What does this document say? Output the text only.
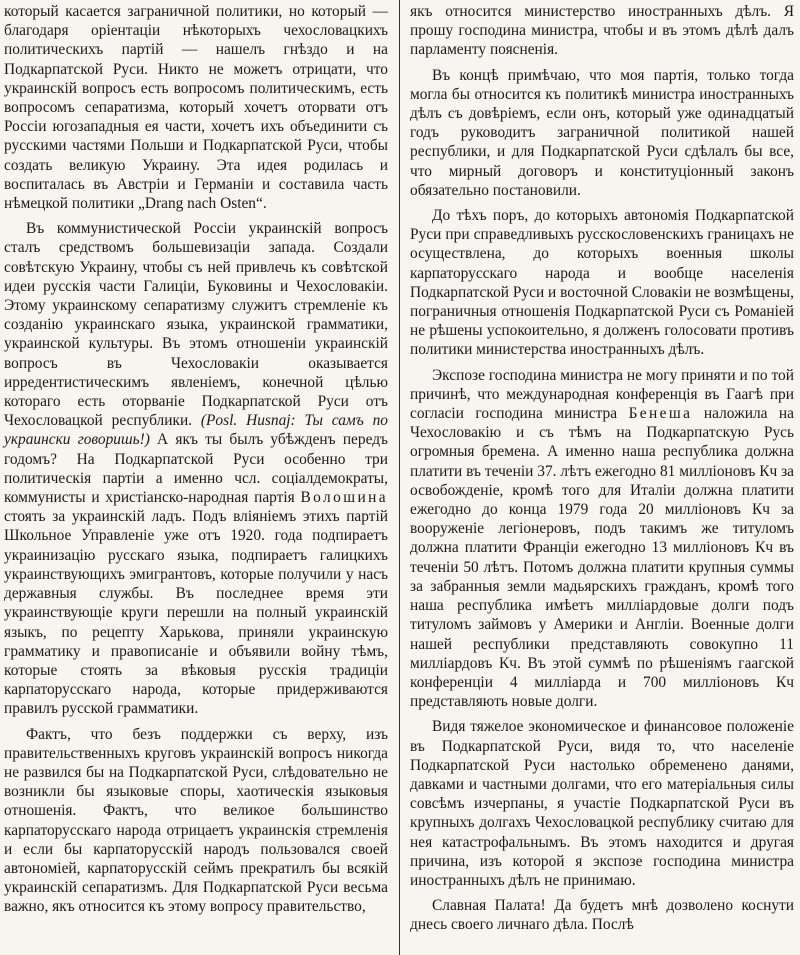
который касается заграничной политики, но который — благодаря оріентаціи нѣкоторыхъ чехословацкихъ политическихъ партій — нашелъ гнѣздо и на Подкарпатской Руси. Никто не можетъ отрицати, что украинскій вопросъ есть вопросомъ политическимъ, есть вопросомъ сепаратизма, который хочетъ оторвати отъ Россіи югозападныя ея части, хочетъ ихъ объединити съ русскими частями Польши и Подкарпатской Руси, чтобы создать великую Украину. Эта идея родилась и воспиталась въ Австріи и Германіи и составила часть нѣмецкой политики „Drang nach Osten“.

Въ коммунистической Россіи украинскій вопросъ сталъ средствомъ большевизаціи запада. Создали совѣтскую Украину, чтобы съ ней привлечь къ совѣтской идеи русскія части Галиціи, Буковины и Чехословакіи. Этому украинскому сепаратизму служитъ стремленіе къ созданію украинскаго языка, украинской грамматики, украинской культуры. Въ этомъ отношеніи украинскій вопросъ въ Чехословакіи оказывается ирредентистическимъ явленіемъ, конечной цѣлью котораго есть оторваніе Подкарпатской Руси отъ Чехословацкой республики. (Posl. Husnaj: Ты самъ по украински говоришь!) А якъ ты былъ убѣжденъ передъ годомъ? На Подкарпатской Руси особенно три политическія партіи а именно чсл. соціалдемократы, коммунисты и христіанско-народная партія Волошина стоять за украинскій ладъ. Подъ вліяніемъ этихъ партій Школьное Управленіе уже отъ 1920. года подпираетъ украинизацію русскаго языка, подпираетъ галицкихъ украинствующихъ эмигрантовъ, которые получили у насъ державныя службы. Въ последнее время эти украинствующіе круги перешли на полный украинскій языкъ, по рецепту Харькова, приняли украинскую грамматику и правописаніе и объявили войну тѣмъ, которые стоять за вѣковыя русскія традиціи карпаторусскаго народа, которые придерживаются правилъ русской грамматики.

Фактъ, что безъ поддержки съ верху, изъ правительственныхъ круговъ украинскій вопросъ никогда не развился бы на Подкарпатской Руси, слѣдовательно не возникли бы языковые споры, хаотическія языковыя отношенія. Фактъ, что великое большинство карпаторусскаго народа отрицаетъ украинскія стремленія и если бы карпаторусскій народъ пользовался своей автономіей, карпаторусскій сеймъ прекратилъ бы всякій украинскій сепаратизмъ. Для Подкарпатской Руси весьма важно, якъ относится къ этому вопросу правительство,

якъ относится министерство иностранныхъ дѣлъ. Я прошу господина министра, чтобы и въ этомъ дѣлѣ далъ парламенту поясненія.

Въ концѣ примѣчаю, что моя партія, только тогда могла бы относится къ политикѣ министра иностранныхъ дѣлъ съ довѣріемъ, если онъ, который уже одинадцатый годъ руководитъ заграничной политикой нашей республики, и для Подкарпатской Руси сдѣлалъ бы все, что мирный договоръ и конституціонный законъ обязательно постановили.

До тѣхъ поръ, до которыхъ автономія Подкарпатской Руси при справедливыхъ русскословенскихъ границахъ не осуществлена, до которыхъ военныя школы карпаторусскаго народа и вообще населенія Подкарпатской Руси и восточной Словакіи не возмѣщены, пограничныя отношенія Подкарпатской Руси съ Романіей не рѣшены успокоительно, я долженъ голосовати противъ политики министерства иностранныхъ дѣлъ.

Экспозе господина министра не могу приняти и по той причинѣ, что международная конференція въ Гаагѣ при согласіи господина министра Бенеша наложила на Чехословакію и съ тѣмъ на Подкарпатскую Русь огромныя бремена. А именно наша республика должна платити въ теченіи 37. лѣтъ ежегодно 81 милліоновъ Кч за освобожденіе, кромѣ того для Италіи должна платити ежегодно до конца 1979 года 20 милліоновъ Кч за вооруженіе легіонеровъ, подъ такимъ же титуломъ должна платити Франціи ежегодно 13 милліоновъ Кч въ теченіи 50 лѣтъ. Потомъ должна платити крупныя суммы за забранныя земли мадьярскихъ гражданъ, кромѣ того наша республика имѣетъ миллiардовые долги подъ титуломъ займовъ у Америки и Англіи. Военные долги нашей республики представляють совокупно 11 милліардовъ Кч. Въ этой суммѣ по рѣшеніямъ гаагской конференціи 4 милліарда и 700 милліоновъ Кч представляють новые долги.

Видя тяжелое экономическое и финансовое положеніе въ Подкарпатской Руси, видя то, что населеніе Подкарпатской Руси настолько обременено данями, давками и частными долгами, что его матеріальныя силы совсѣмъ изчерпаны, я участіе Подкарпатской Руси въ крупныхъ долгахъ Чехословацкой республику считаю для нея катастрофальнымъ. Въ этомъ находится и другая причина, изъ которой я экспозе господина министра иностранныхъ дѣлъ не принимаю.

Славная Палата! Да будетъ мнѣ дозволено коснути днесь своего личнаго дѣла. Послѣ
